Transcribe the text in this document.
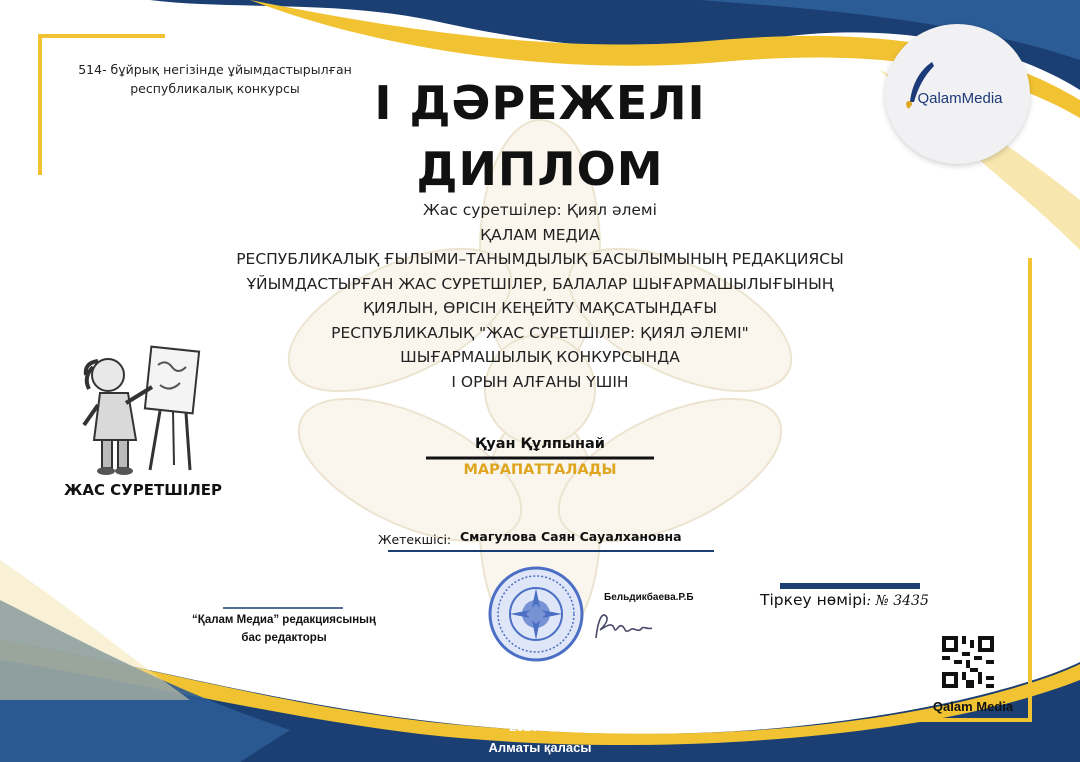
QalamMedia
514- бұйрық негізінде ұйымдастырылған
республикалық конкурсы	I ДӘРЕЖЕЛІ
ДИПЛОМ
Жас суретшілер: Қиял әлемі
ҚАЛАМ МЕДИА
РЕСПУБЛИКАЛЫҚ ҒЫЛЫМИ–ТАНЫМДЫЛЫҚ БАСЫЛЫМЫНЫҢ РЕДАКЦИЯСЫ
ҰЙЫМДАСТЫРҒАН ЖАС СУРЕТШІЛЕР, БАЛАЛАР ШЫҒАРМАШЫЛЫҒЫНЫҢ
ҚИЯЛЫН, ӨРІСІН КЕҢЕЙТУ МАҚСАТЫНДАҒЫ
РЕСПУБЛИКАЛЫҚ "ЖАС СУРЕТШІЛЕР: ҚИЯЛ ӘЛЕМІ"
ШЫҒАРМАШЫЛЫҚ КОНКУРСЫНДА
І ОРЫН АЛҒАНЫ ҮШІН
ЖАС СУРЕТШІЛЕР
Қуан Құлпынай
МАРАПАТТАЛАДЫ
Жетекшісі: Смагулова Саян Сауалхановна
“Қалам Медиа” редакциясының
бас редакторы
Бельдикбаева.Р.Б	Тіркеу нөмірі: № 3435
Qalam Media
2026 жыл
Алматы қаласы
